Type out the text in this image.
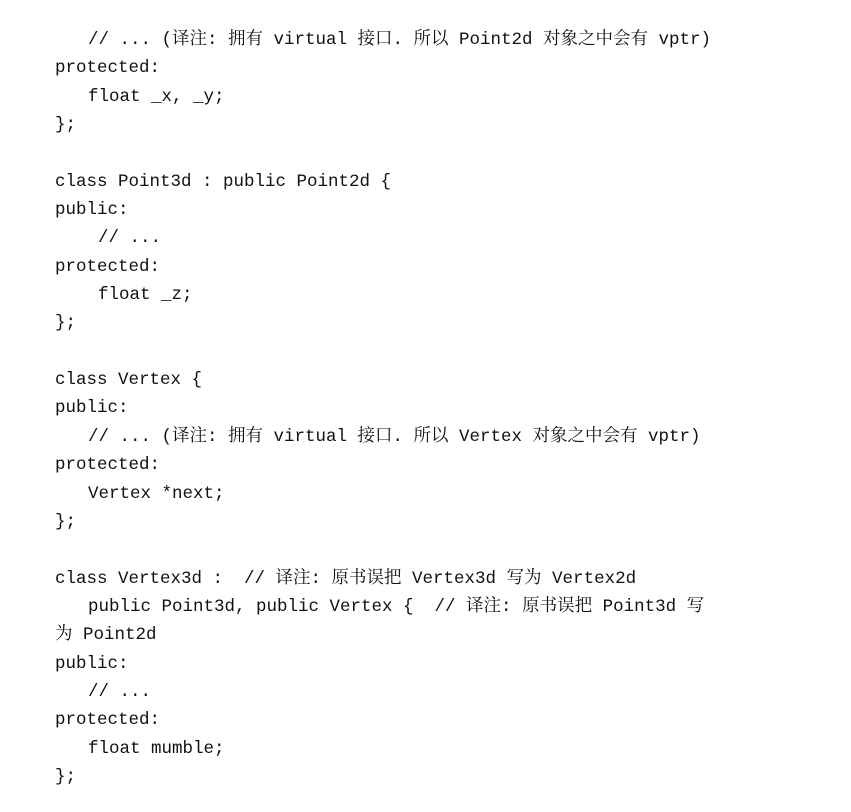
// ... (译注: 拥有 virtual 接口. 所以 Point2d 对象之中会有 vptr)
protected:
float _x, _y;
};
class Point3d : public Point2d {
public:
// ...
protected:
float _z;
};
class Vertex {
public:
// ... (译注: 拥有 virtual 接口. 所以 Vertex 对象之中会有 vptr)
protected:
Vertex *next;
};
class Vertex3d :  // 译注: 原书误把 Vertex3d 写为 Vertex2d
public Point3d, public Vertex {  // 译注: 原书误把 Point3d 写
为 Point2d
public:
// ...
protected:
float mumble;
};
